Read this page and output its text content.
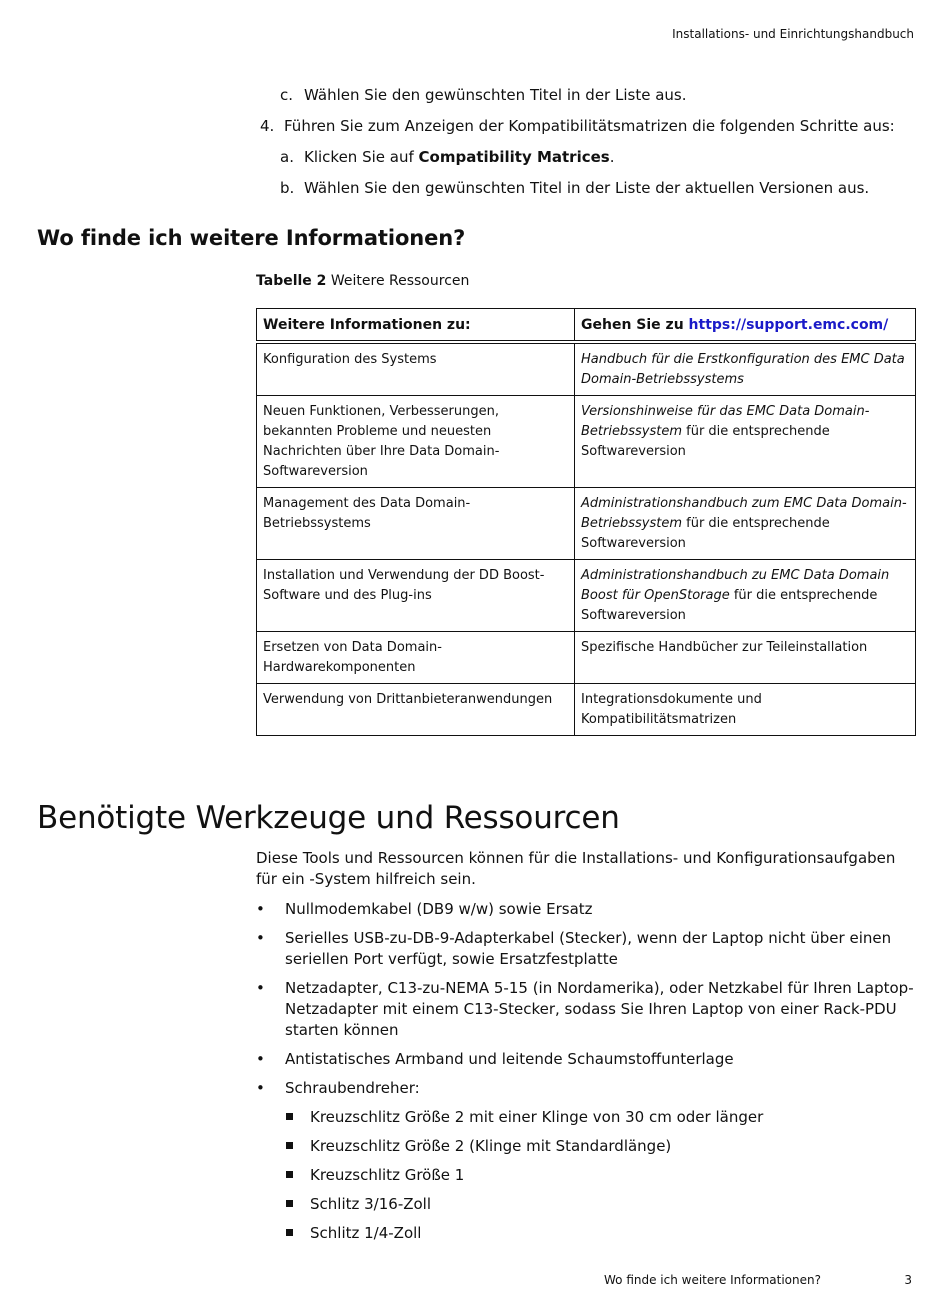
Installations- und Einrichtungshandbuch
c. Wählen Sie den gewünschten Titel in der Liste aus.
4. Führen Sie zum Anzeigen der Kompatibilitätsmatrizen die folgenden Schritte aus:
a. Klicken Sie auf Compatibility Matrices.
b. Wählen Sie den gewünschten Titel in der Liste der aktuellen Versionen aus.
Wo finde ich weitere Informationen?
Tabelle 2 Weitere Ressourcen
Weitere Informationen zu:	Gehen Sie zu https://support.emc.com/
Konfiguration des Systems	Handbuch für die Erstkonfiguration des EMC Data Domain-Betriebssystems
Neuen Funktionen, Verbesserungen, bekannten Probleme und neuesten Nachrichten über Ihre Data Domain-Softwareversion	Versionshinweise für das EMC Data Domain-Betriebssystem für die entsprechende Softwareversion
Management des Data Domain-Betriebssystems	Administrationshandbuch zum EMC Data Domain-Betriebssystem für die entsprechende Softwareversion
Installation und Verwendung der DD Boost-Software und des Plug-ins	Administrationshandbuch zu EMC Data Domain Boost für OpenStorage für die entsprechende Softwareversion
Ersetzen von Data Domain-Hardwarekomponenten	Spezifische Handbücher zur Teileinstallation
Verwendung von Drittanbieteranwendungen	Integrationsdokumente und Kompatibilitätsmatrizen
Benötigte Werkzeuge und Ressourcen
Diese Tools und Ressourcen können für die Installations- und Konfigurationsaufgaben für ein -System hilfreich sein.
•	Nullmodemkabel (DB9 w/w) sowie Ersatz
•	Serielles USB-zu-DB-9-Adapterkabel (Stecker), wenn der Laptop nicht über einen seriellen Port verfügt, sowie Ersatzfestplatte
•	Netzadapter, C13-zu-NEMA 5-15 (in Nordamerika), oder Netzkabel für Ihren Laptop-Netzadapter mit einem C13-Stecker, sodass Sie Ihren Laptop von einer Rack-PDU starten können
•	Antistatisches Armband und leitende Schaumstoffunterlage
•	Schraubendreher:
Kreuzschlitz Größe 2 mit einer Klinge von 30 cm oder länger
Kreuzschlitz Größe 2 (Klinge mit Standardlänge)
Kreuzschlitz Größe 1
Schlitz 3/16-Zoll
Schlitz 1/4-Zoll
Wo finde ich weitere Informationen?	3
